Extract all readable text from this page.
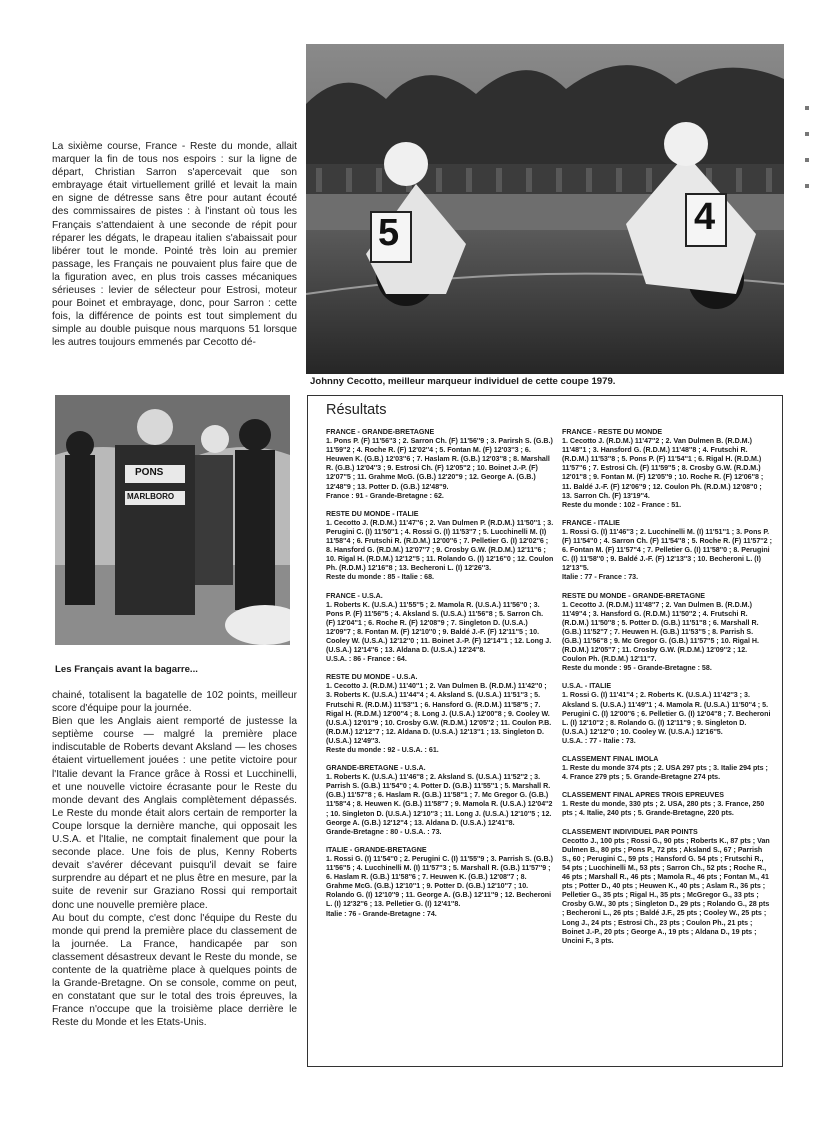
La sixième course, France - Reste du monde, allait marquer la fin de tous nos espoirs : sur la ligne de départ, Christian Sarron s'apercevait que son embrayage était virtuellement grillé et levait la main en signe de détresse sans être pour autant écouté des commissaires de pistes : à l'instant où tous les Français s'attendaient à une seconde de répit pour réparer les dégats, le drapeau italien s'abaissait pour libérer tout le monde. Pointé très loin au premier passage, les Français ne pouvaient plus faire que de la figuration avec, en plus trois casses mécaniques sérieuses : levier de sélecteur pour Estrosi, moteur pour Boinet et embrayage, donc, pour Sarron : cette fois, la différence de points est tout simplement du simple au double puisque nous marquons 51 lorsque les autres toujours emmenés par Cecotto dé-

5	4

Johnny Cecotto, meilleur marqueur individuel de cette coupe 1979.

PONS
MARLBORO

Les Français avant la bagarre...

chainé, totalisent la bagatelle de 102 points, meilleur score d'équipe pour la journée.

Bien que les Anglais aient remporté de justesse la septième course — malgré la première place indiscutable de Roberts devant Aksland — les choses étaient virtuellement jouées : une petite victoire pour l'Italie devant la France grâce à Rossi et Lucchinelli, et une nouvelle victoire écrasante pour le Reste du monde devant des Anglais complètement dépassés. Le Reste du monde était alors certain de remporter la Coupe lorsque la dernière manche, qui opposait les U.S.A. et l'Italie, ne comptait finalement que pour la seconde place. Une fois de plus, Kenny Roberts devait s'avérer décevant puisqu'il devait se faire surprendre au départ et ne plus être en mesure, par la suite de revenir sur Graziano Rossi qui remportait donc une nouvelle première place.

Au bout du compte, c'est donc l'équipe du Reste du monde qui prend la première place du classement de la journée. La France, handicapée par son classement désastreux devant le Reste du monde, se contente de la quatrième place à quelques points de la Grande-Bretagne. On se console, comme on peut, en constatant que sur le total des trois épreuves, la France n'occupe que la troisième place derrière le Reste du Monde et les Etats-Unis.

Résultats
FRANCE - GRANDE-BRETAGNE
1. Pons P. (F) 11'56''3 ; 2. Sarron Ch. (F) 11'56''9 ; 3. Parirsh S. (G.B.) 11'59''2 ; 4. Roche R. (F) 12'02''4 ; 5. Fontan M. (F) 12'03''3 ; 6. Heuwen K. (G.B.) 12'03''6 ; 7. Haslam R. (G.B.) 12'03''8 ; 8. Marshall R. (G.B.) 12'04''3 ; 9. Estrosi Ch. (F) 12'05''2 ; 10. Boinet J.-P. (F) 12'07''5 ; 11. Grahme McG. (G.B.) 12'20''9 ; 12. George A. (G.B.) 12'48''9 ; 13. Potter D. (G.B.) 12'48''9.
France : 91 - Grande-Bretagne : 62.
RESTE DU MONDE - ITALIE
1. Cecotto J. (R.D.M.) 11'47''6 ; 2. Van Dulmen P. (R.D.M.) 11'50''1 ; 3. Perugini C. (I) 11'50''1 ; 4. Rossi G. (I) 11'53''7 ; 5. Lucchinelli M. (I) 11'58''4 ; 6. Frutschi R. (R.D.M.) 12'00''6 ; 7. Pelletier G. (I) 12'02''6 ; 8. Hansford G. (R.D.M.) 12'07''7 ; 9. Crosby G.W. (R.D.M.) 12'11''6 ; 10. Rigal H. (R.D.M.) 12'12''5 ; 11. Rolando G. (I) 12'16''0 ; 12. Coulon Ph. (R.D.M.) 12'16''8 ; 13. Becheroni L. (I) 12'26''3.
Reste du monde : 85 - Italie : 68.
FRANCE - U.S.A.
1. Roberts K. (U.S.A.) 11'55''5 ; 2. Mamola R. (U.S.A.) 11'56''0 ; 3. Pons P. (F) 11'56''5 ; 4. Aksland S. (U.S.A.) 11'56''8 ; 5. Sarron Ch. (F) 12'04''1 ; 6. Roche R. (F) 12'08''9 ; 7. Singleton D. (U.S.A.) 12'09''7 ; 8. Fontan M. (F) 12'10''0 ; 9. Baldé J.-F. (F) 12'11''5 ; 10. Cooley W. (U.S.A.) 12'12''0 ; 11. Boinet J.-P. (F) 12'14''1 ; 12. Long J. (U.S.A.) 12'14''6 ; 13. Aldana D. (U.S.A.) 12'24''8.
U.S.A. : 86 - France : 64.
RESTE DU MONDE - U.S.A.
1. Cecotto J. (R.D.M.) 11'40''1 ; 2. Van Dulmen B. (R.D.M.) 11'42''0 ; 3. Roberts K. (U.S.A.) 11'44''4 ; 4. Aksland S. (U.S.A.) 11'51''3 ; 5. Frutschi R. (R.D.M.) 11'53''1 ; 6. Hansford G. (R.D.M.) 11'58''5 ; 7. Rigal H. (R.D.M.) 12'00''4 ; 8. Long J. (U.S.A.) 12'00''8 ; 9. Cooley W. (U.S.A.) 12'01''9 ; 10. Crosby G.W. (R.D.M.) 12'05''2 ; 11. Coulon P.B. (R.D.M.) 12'12''7 ; 12. Aldana D. (U.S.A.) 12'13''1 ; 13. Singleton D. (U.S.A.) 12'49''3.
Reste du monde : 92 - U.S.A. : 61.
GRANDE-BRETAGNE - U.S.A.
1. Roberts K. (U.S.A.) 11'46''8 ; 2. Aksland S. (U.S.A.) 11'52''2 ; 3. Parrish S. (G.B.) 11'54''0 ; 4. Potter D. (G.B.) 11'55''1 ; 5. Marshall R. (G.B.) 11'57''8 ; 6. Haslam R. (G.B.) 11'58''1 ; 7. Mc Gregor G. (G.B.) 11'58''4 ; 8. Heuwen K. (G.B.) 11'58''7 ; 9. Mamola R. (U.S.A.) 12'04''2 ; 10. Singleton D. (U.S.A.) 12'10''3 ; 11. Long J. (U.S.A.) 12'10''5 ; 12. George A. (G.B.) 12'12''4 ; 13. Aldana D. (U.S.A.) 12'41''8.
Grande-Bretagne : 80 - U.S.A. : 73.
ITALIE - GRANDE-BRETAGNE
1. Rossi G. (I) 11'54''0 ; 2. Perugini C. (I) 11'55''9 ; 3. Parrish S. (G.B.) 11'56''5 ; 4. Lucchinelli M. (I) 11'57''3 ; 5. Marshall R. (G.B.) 11'57''9 ; 6. Haslam R. (G.B.) 11'58''6 ; 7. Heuwen K. (G.B.) 12'08''7 ; 8. Grahme McG. (G.B.) 12'10''1 ; 9. Potter D. (G.B.) 12'10''7 ; 10. Rolando G. (I) 12'10''9 ; 11. George A. (G.B.) 12'11''9 ; 12. Becheroni L. (I) 12'32''6 ; 13. Pelletier G. (I) 12'41''8.
Italie : 76 - Grande-Bretagne : 74.
FRANCE - RESTE DU MONDE
1. Cecotto J. (R.D.M.) 11'47''2 ; 2. Van Dulmen B. (R.D.M.) 11'48''1 ; 3. Hansford G. (R.D.M.) 11'48''8 ; 4. Frutschi R. (R.D.M.) 11'53''8 ; 5. Pons P. (F) 11'54''1 ; 6. Rigal H. (R.D.M.) 11'57''6 ; 7. Estrosi Ch. (F) 11'59''5 ; 8. Crosby G.W. (R.D.M.) 12'01''8 ; 9. Fontan M. (F) 12'05''9 ; 10. Roche R. (F) 12'06''8 ; 11. Baldé J.-F. (F) 12'06''9 ; 12. Coulon Ph. (R.D.M.) 12'08''0 ; 13. Sarron Ch. (F) 13'19''4.
Reste du monde : 102 - France : 51.
FRANCE - ITALIE
1. Rossi G. (I) 11'46''3 ; 2. Lucchinelli M. (I) 11'51''1 ; 3. Pons P. (F) 11'54''0 ; 4. Sarron Ch. (F) 11'54''8 ; 5. Roche R. (F) 11'57''2 ; 6. Fontan M. (F) 11'57''4 ; 7. Pelletier G. (I) 11'58''0 ; 8. Perugini C. (I) 11'58''0 ; 9. Baldé J.-F. (F) 12'13''3 ; 10. Becheroni L. (I) 12'13''5.
Italie : 77 - France : 73.
RESTE DU MONDE - GRANDE-BRETAGNE
1. Cecotto J. (R.D.M.) 11'48''7 ; 2. Van Dulmen B. (R.D.M.) 11'49''4 ; 3. Hansford G. (R.D.M.) 11'50''2 ; 4. Frutschi R. (R.D.M.) 11'50''8 ; 5. Potter D. (G.B.) 11'51''8 ; 6. Marshall R. (G.B.) 11'52''7 ; 7. Heuwen H. (G.B.) 11'53''5 ; 8. Parrish S. (G.B.) 11'56''8 ; 9. Mc Gregor G. (G.B.) 11'57''5 ; 10. Rigal H. (R.D.M.) 12'05''7 ; 11. Crosby G.W. (R.D.M.) 12'09''2 ; 12. Coulon Ph. (R.D.M.) 12'11''7.
Reste du monde : 95 - Grande-Bretagne : 58.
U.S.A. - ITALIE
1. Rossi G. (I) 11'41''4 ; 2. Roberts K. (U.S.A.) 11'42''3 ; 3. Aksland S. (U.S.A.) 11'49''1 ; 4. Mamola R. (U.S.A.) 11'50''4 ; 5. Perugini C. (I) 12'00''6 ; 6. Pelletier G. (I) 12'04''8 ; 7. Becheroni L. (I) 12'10''2 ; 8. Rolando G. (I) 12'11''9 ; 9. Singleton D. (U.S.A.) 12'12''0 ; 10. Cooley W. (U.S.A.) 12'16''5.
U.S.A. : 77 - Italie : 73.
CLASSEMENT FINAL IMOLA
1. Reste du monde 374 pts ; 2. USA 297 pts ; 3. Italie 294 pts ; 4. France 279 pts ; 5. Grande-Bretagne 274 pts.
CLASSEMENT FINAL APRES TROIS EPREUVES
1. Reste du monde, 330 pts ; 2. USA, 280 pts ; 3. France, 250 pts ; 4. Italie, 240 pts ; 5. Grande-Bretagne, 220 pts.
CLASSEMENT INDIVIDUEL PAR POINTS
Cecotto J., 100 pts ; Rossi G., 90 pts ; Roberts K., 87 pts ; Van Dulmen B., 80 pts ; Pons P., 72 pts ; Aksland S., 67 ; Parrish S., 60 ; Perugini C., 59 pts ; Hansford G. 54 pts ; Frutschi R., 54 pts ; Lucchinelli M., 53 pts ; Sarron Ch., 52 pts ; Roche R., 46 pts ; Marshall R., 46 pts ; Mamola R., 46 pts ; Fontan M., 41 pts ; Potter D., 40 pts ; Heuwen K., 40 pts ; Aslam R., 36 pts ; Pelletier G., 35 pts ; Rigal H., 35 pts ; McGregor G., 33 pts ; Crosby G.W., 30 pts ; Singleton D., 29 pts ; Rolando G., 28 pts ; Becheroni L., 26 pts ; Baldé J.F., 25 pts ; Cooley W., 25 pts ; Long J., 24 pts ; Estrosi Ch., 23 pts ; Coulon Ph., 21 pts ; Boinet J.-P., 20 pts ; George A., 19 pts ; Aldana D., 19 pts ; Uncini F., 3 pts.
